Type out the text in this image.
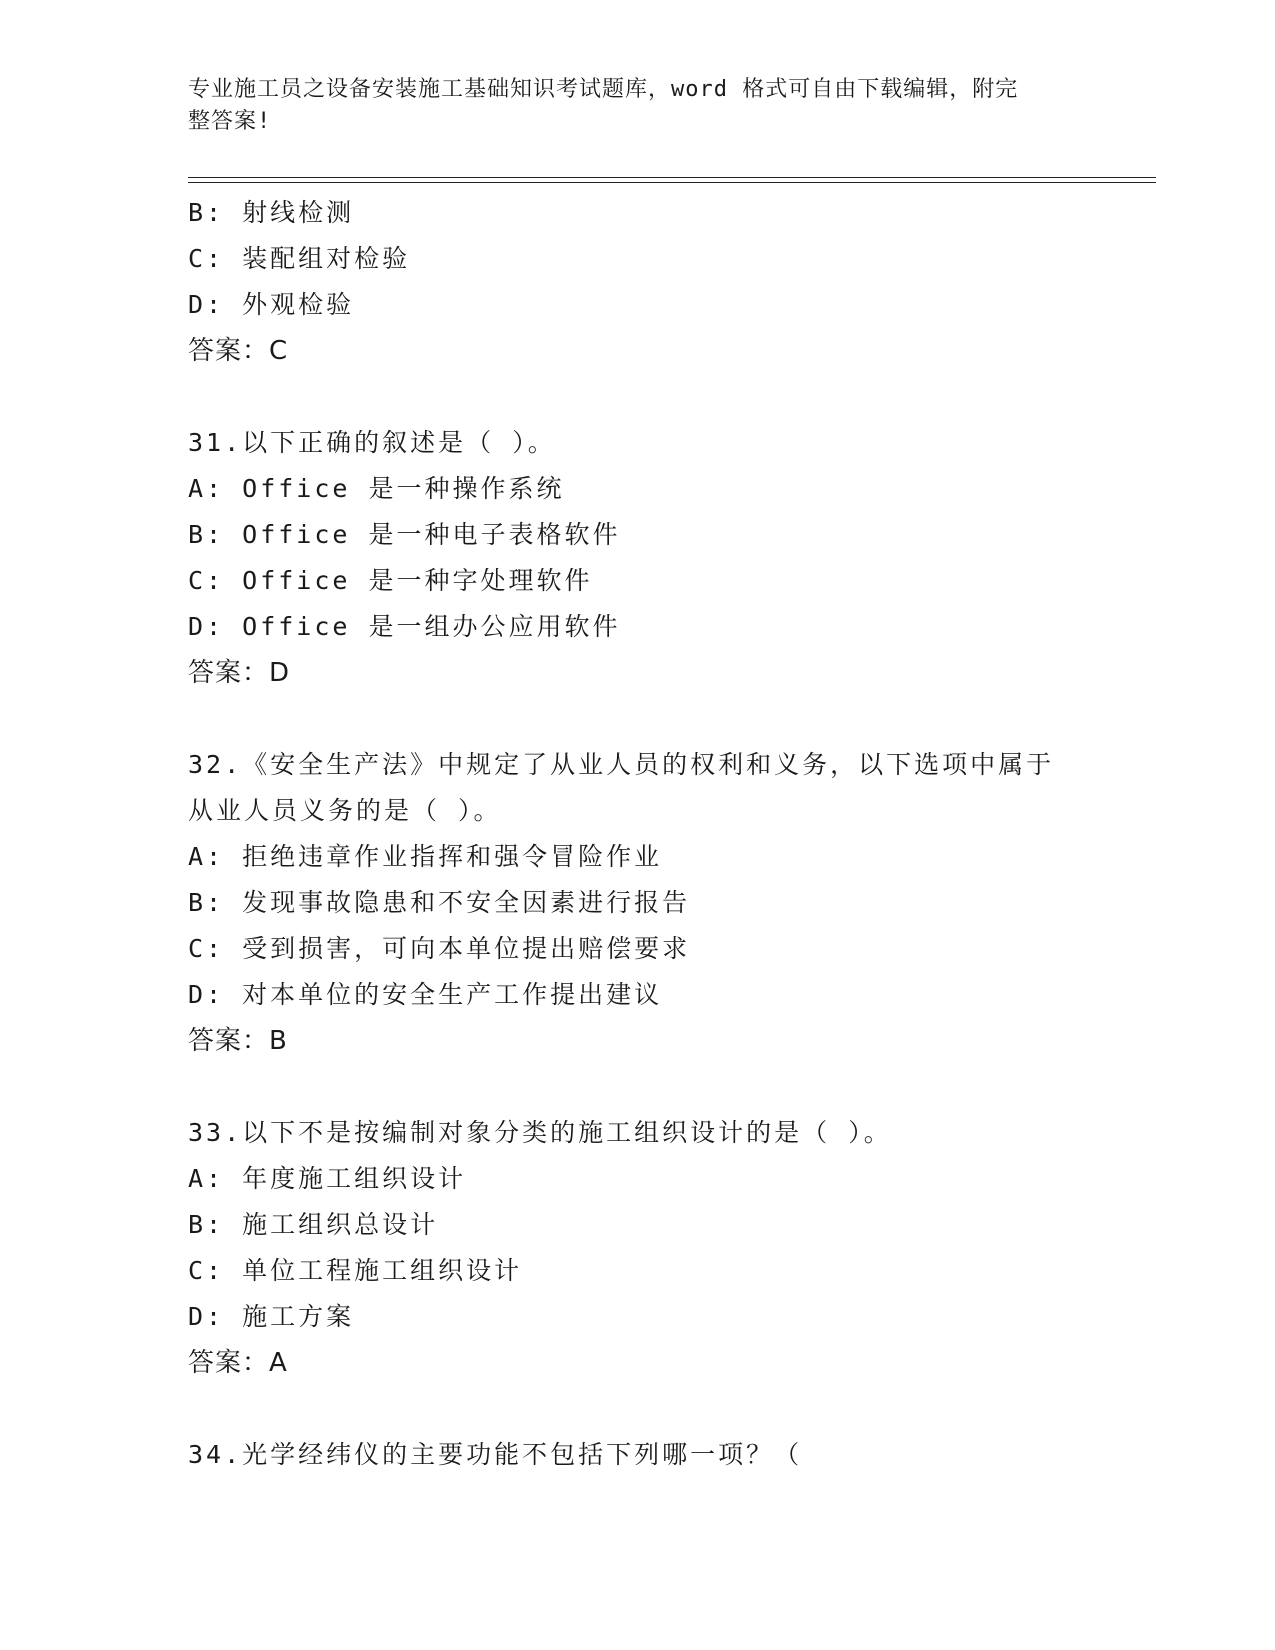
专业施工员之设备安装施工基础知识考试题库，word 格式可自由下载编辑，附完
整答案!
B: 射线检测
C: 装配组对检验
D: 外观检验
答案：C
31.以下正确的叙述是（ ）。
A: Office 是一种操作系统
B: Office 是一种电子表格软件
C: Office 是一种字处理软件
D: Office 是一组办公应用软件
答案：D
32.《安全生产法》中规定了从业人员的权利和义务，以下选项中属于
从业人员义务的是（ ）。
A: 拒绝违章作业指挥和强令冒险作业
B: 发现事故隐患和不安全因素进行报告
C: 受到损害，可向本单位提出赔偿要求
D: 对本单位的安全生产工作提出建议
答案：B
33.以下不是按编制对象分类的施工组织设计的是（ ）。
A: 年度施工组织设计
B: 施工组织总设计
C: 单位工程施工组织设计
D: 施工方案
答案：A
34.光学经纬仪的主要功能不包括下列哪一项？（
